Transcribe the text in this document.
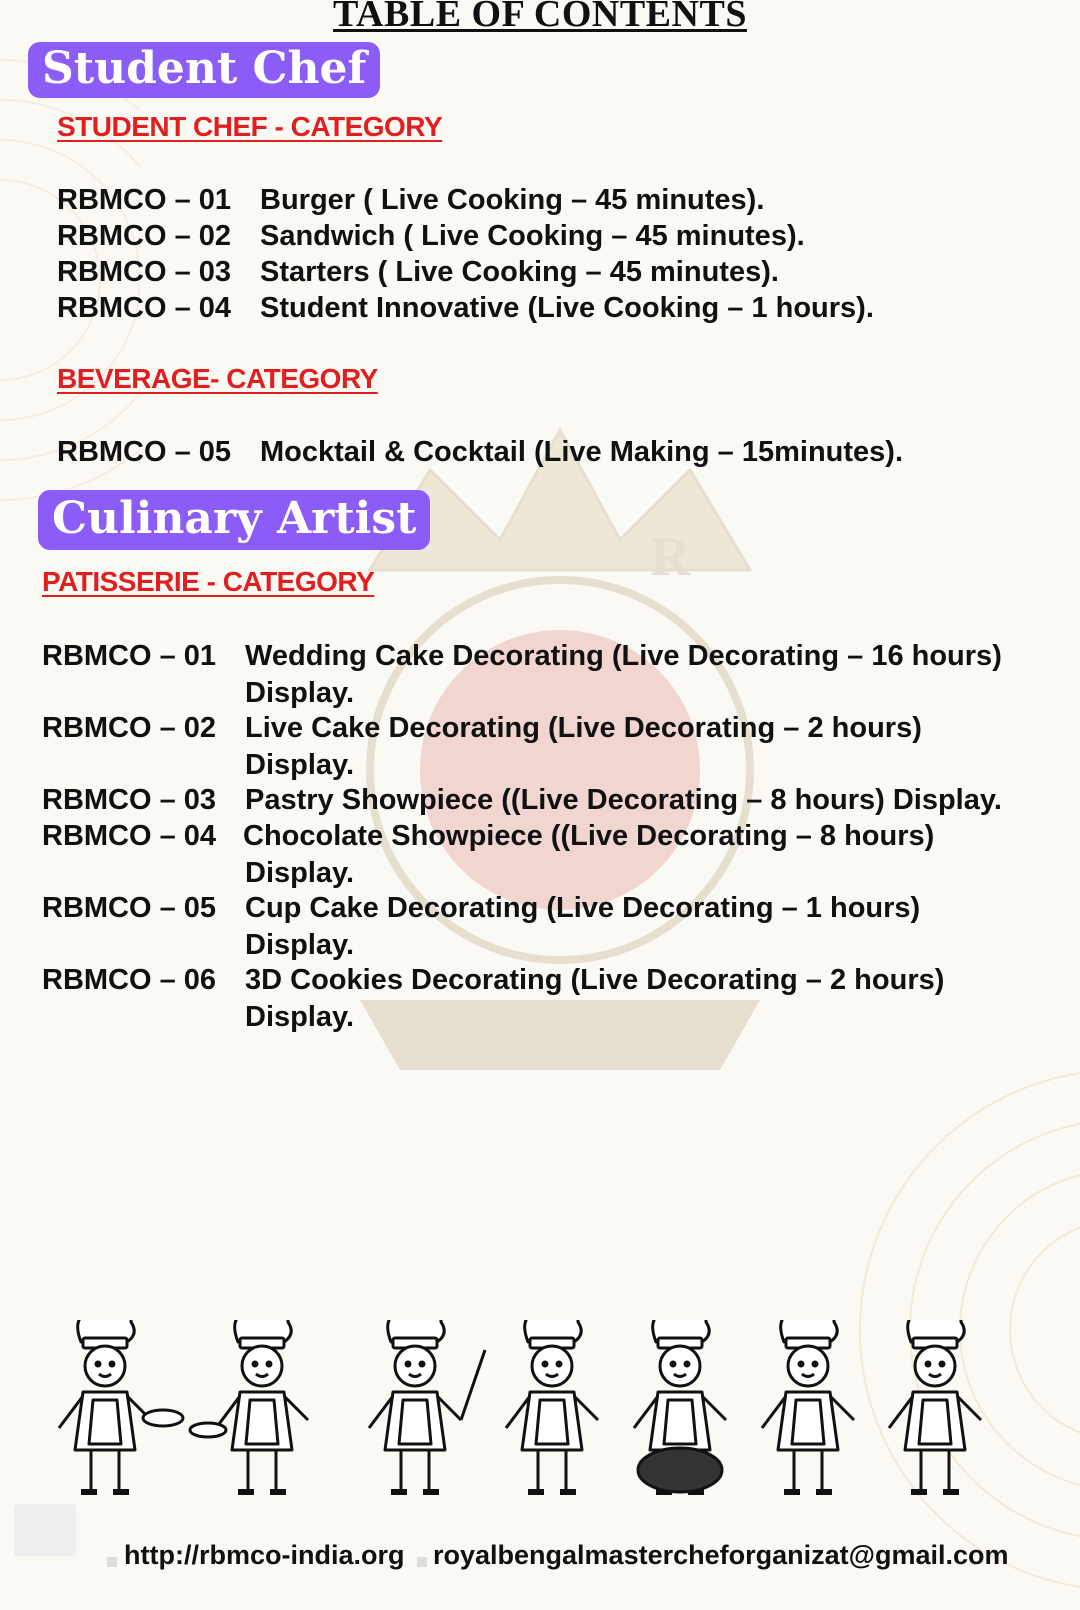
R
TABLE OF CONTENTS
Student Chef
STUDENT CHEF - CATEGORY
RBMCO – 01 Burger ( Live Cooking – 45 minutes).
RBMCO – 02 Sandwich ( Live Cooking – 45 minutes).
RBMCO – 03 Starters ( Live Cooking – 45 minutes).
RBMCO – 04 Student Innovative (Live Cooking – 1 hours).
BEVERAGE- CATEGORY
RBMCO – 05 Mocktail & Cocktail (Live Making – 15minutes).
Culinary Artist
PATISSERIE - CATEGORY
RBMCO – 01 Wedding Cake Decorating (Live Decorating – 16 hours)
Display.
RBMCO – 02 Live Cake Decorating (Live Decorating – 2 hours)
Display.
RBMCO – 03 Pastry Showpiece ((Live Decorating – 8 hours) Display.
RBMCO – 04 Chocolate Showpiece ((Live Decorating – 8 hours)
Display.
RBMCO – 05 Cup Cake Decorating (Live Decorating – 1 hours)
Display.
RBMCO – 06 3D Cookies Decorating (Live Decorating – 2 hours)
Display.
http://rbmco-india.org royalbengalmastercheforganizat@gmail.com
